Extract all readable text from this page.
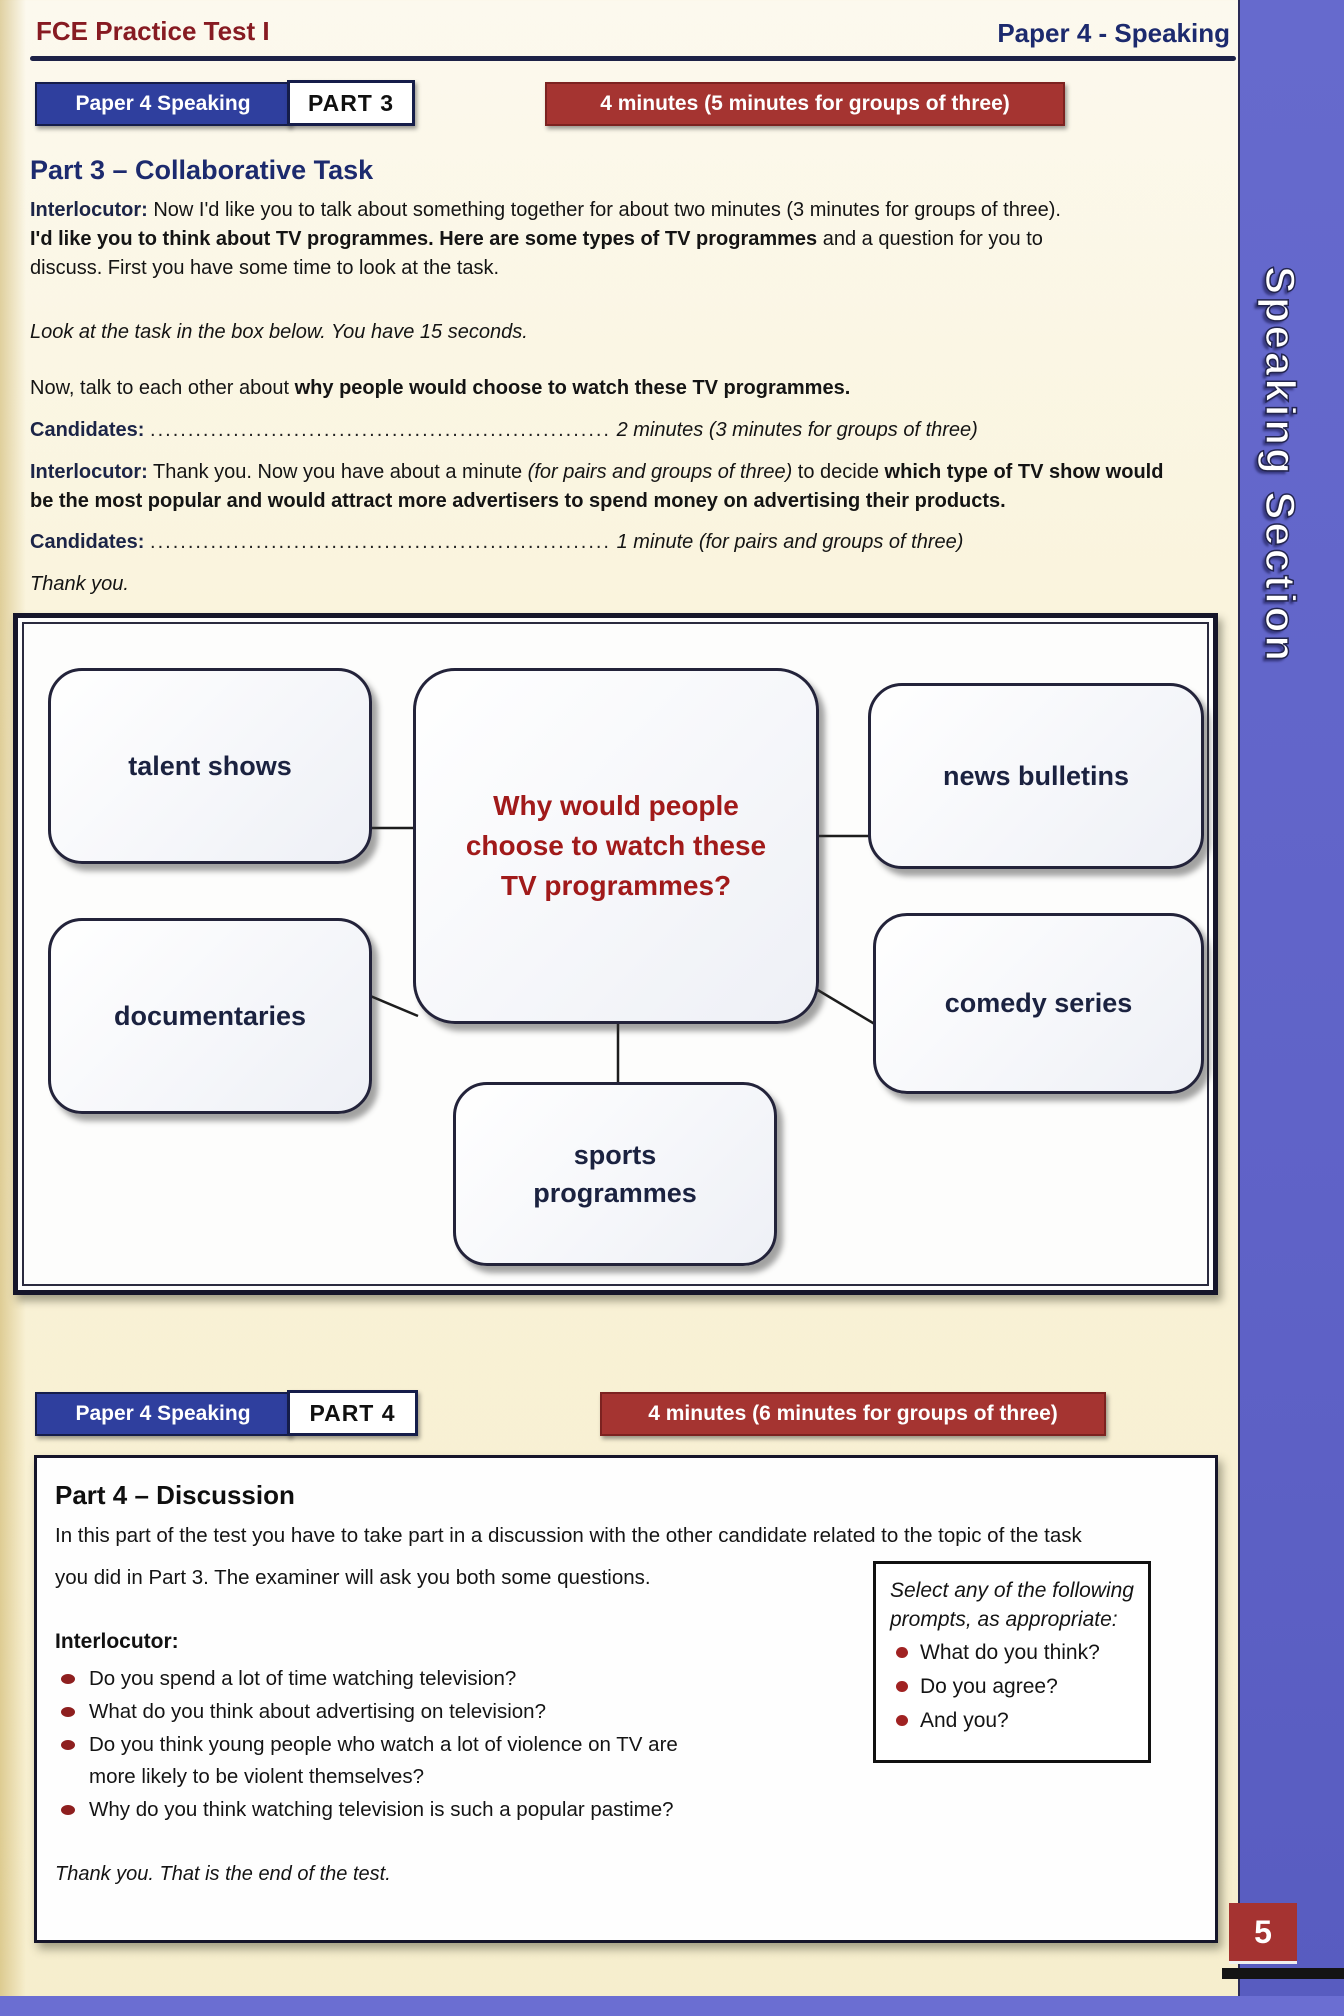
Speaking Section
FCE Practice Test I	Paper 4 - Speaking
Paper 4 Speaking PART 3	4 minutes (5 minutes for groups of three)
Part 3 – Collaborative Task
Interlocutor: Now I'd like you to talk about something together for about two minutes (3 minutes for groups of three).
I'd like you to think about TV programmes. Here are some types of TV programmes and a question for you to
discuss. First you have some time to look at the task.
Look at the task in the box below. You have 15 seconds.
Now, talk to each other about why people would choose to watch these TV programmes.
Candidates: ............................................................. 2 minutes (3 minutes for groups of three)
Interlocutor: Thank you. Now you have about a minute (for pairs and groups of three) to decide which type of TV show would
be the most popular and would attract more advertisers to spend money on advertising their products.
Candidates: ............................................................. 1 minute (for pairs and groups of three)
Thank you.
talent shows
Why would people
choose to watch these
TV programmes?
news bulletins
documentaries	comedy series
sports
programmes
Paper 4 Speaking	PART 4	4 minutes (6 minutes for groups of three)
Part 4 – Discussion
In this part of the test you have to take part in a discussion with the other candidate related to the topic of the task
you did in Part 3. The examiner will ask you both some questions.
Select any of the following prompts, as appropriate:
What do you think?
Do you agree?
And you?
Interlocutor:
Do you spend a lot of time watching television?
What do you think about advertising on television?
Do you think young people who watch a lot of violence on TV are more likely to be violent themselves?
Why do you think watching television is such a popular pastime?
Thank you. That is the end of the test.
5
